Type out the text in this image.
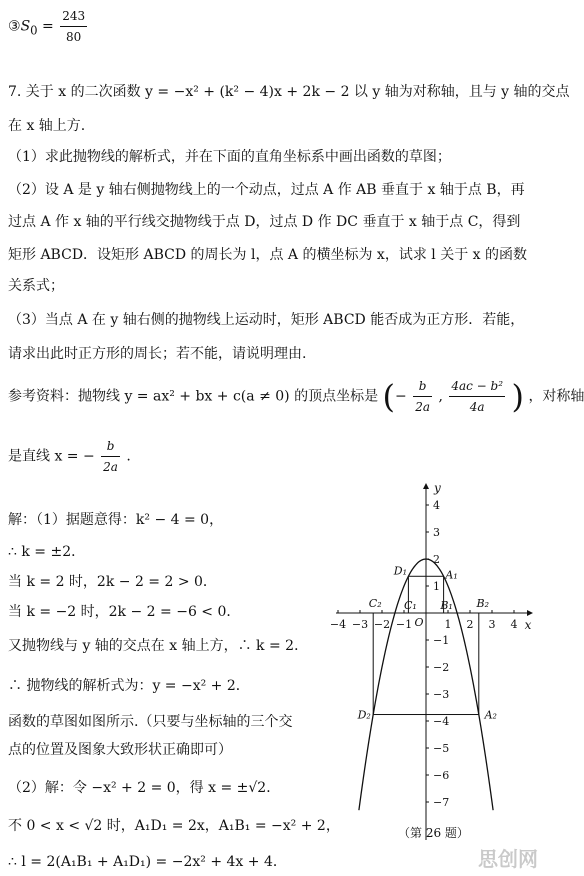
$③S_0 = \frac{243}{80}$
7. 关于 x 的二次函数 y = −x² + (k² − 4)x + 2k − 2 以 y 轴为对称轴，且与 y 轴的交点
在 x 轴上方.
（1）求此抛物线的解析式，并在下面的直角坐标系中画出函数的草图；
（2）设 A 是 y 轴右侧抛物线上的一个动点，过点 A 作 AB 垂直于 x 轴于点 B，再
过点 A 作 x 轴的平行线交抛物线于点 D，过点 D 作 DC 垂直于 x 轴于点 C，得到
矩形 ABCD．设矩形 ABCD 的周长为 l，点 A 的横坐标为 x，试求 l 关于 x 的函数
关系式；
（3）当点 A 在 y 轴右侧的抛物线上运动时，矩形 ABCD 能否成为正方形．若能，
请求出此时正方形的周长；若不能，请说明理由.
参考资料：抛物线 y = ax² + bx + c(a ≠ 0) 的顶点坐标是 (− $\frac{b}{2a}$ , $\frac{\text{4ac − b²}}{4a}$ ) ，对称轴
是直线 x = − $\frac{b}{2a}$ .
解：（1）据题意得：k² − 4 = 0，
∴ k = ±2．
当 k = 2 时，2k − 2 = 2 > 0．
当 k = −2 时，2k − 2 = −6 < 0．
又抛物线与 y 轴的交点在 x 轴上方，∴ k = 2．
∴ 抛物线的解析式为：y = −x² + 2．
函数的草图如图所示.（只要与坐标轴的三个交
点的位置及图象大致形状正确即可）
（2）解：令 −x² + 2 = 0，得 x = ±√2．
不 0 < x < √2 时，A₁D₁ = 2x，A₁B₁ = −x² + 2，
∴ l = 2(A₁B₁ + A₁D₁) = −2x² + 4x + 4．
x
y
−4 −3 −2 −1	1 2 3 4
4
3
2
1
−1
−2
−3
−4
−5
−6
−7
O
D₁	A₁
C₁ B₁
C₂	B₂
D₂	A₂
（第 26 题）
思创网
